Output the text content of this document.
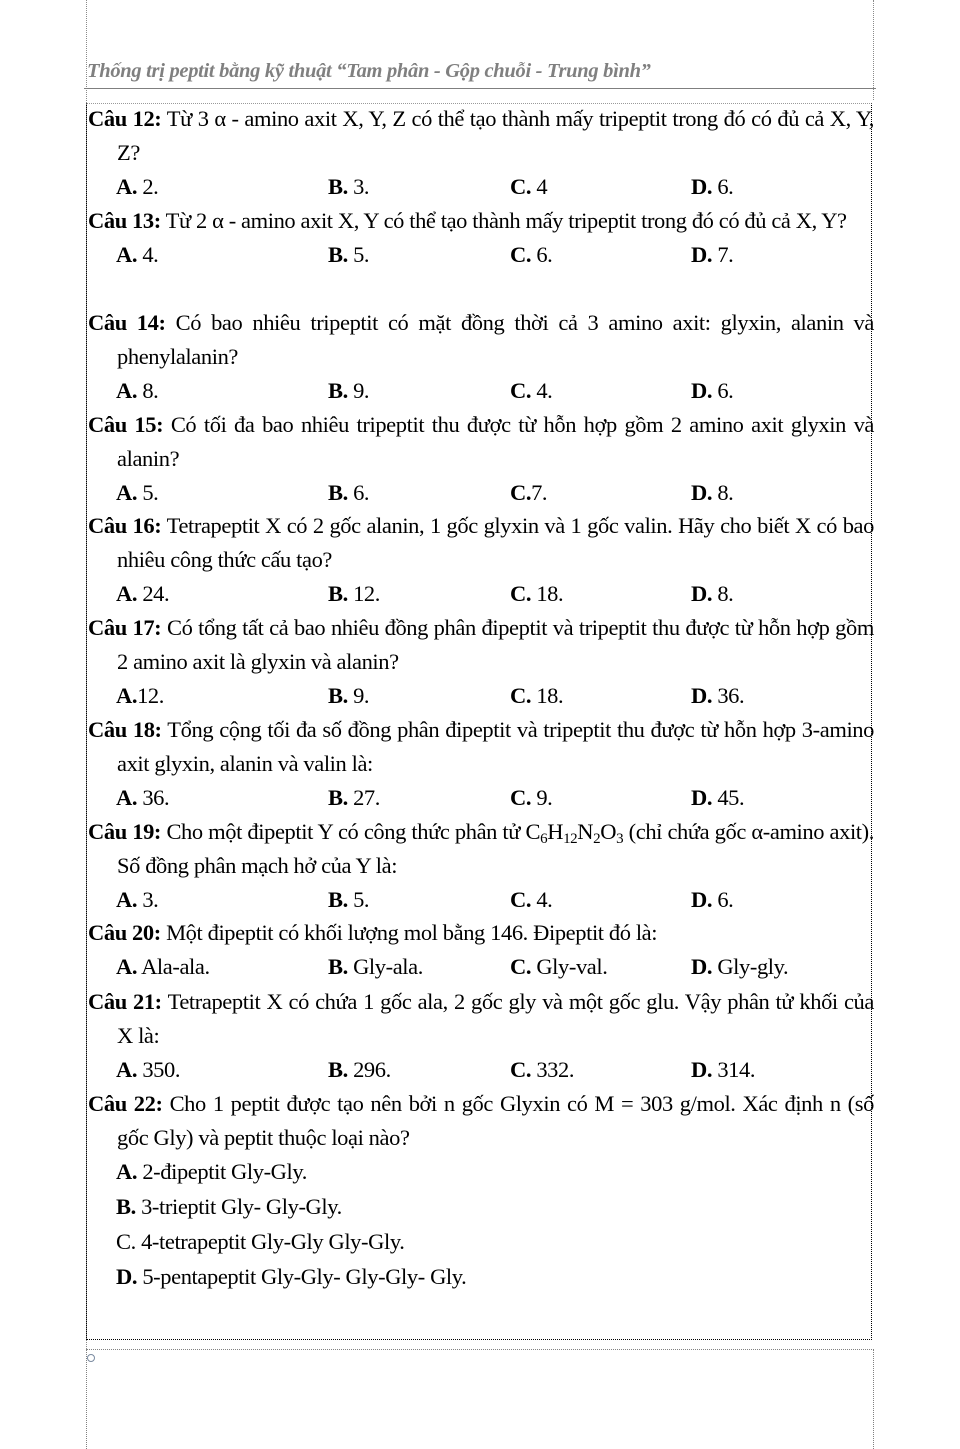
Thống trị peptit bằng kỹ thuật “Tam phân - Gộp chuỗi - Trung bình”
Câu 12: Từ 3 α - amino axit X, Y, Z có thể tạo thành mấy tripeptit trong đó có đủ cả X, Y, Z?
A. 2.	B. 3.	C. 4	D. 6.
Câu 13: Từ 2 α - amino axit X, Y có thể tạo thành mấy tripeptit trong đó có đủ cả X, Y?
A. 4.	B. 5.	C. 6.	D. 7.
Câu 14: Có bao nhiêu tripeptit có mặt đồng thời cả 3 amino axit: glyxin, alanin và phenylalanin?
A. 8.	B. 9.	C. 4.	D. 6.
Câu 15: Có tối đa bao nhiêu tripeptit thu được từ hỗn hợp gồm 2 amino axit glyxin và alanin?
A. 5.	B. 6.	C.7.	D. 8.
Câu 16: Tetrapeptit X có 2 gốc alanin, 1 gốc glyxin và 1 gốc valin. Hãy cho biết X có bao nhiêu công thức cấu tạo?
A. 24.	B. 12.	C. 18.	D. 8.
Câu 17: Có tổng tất cả bao nhiêu đồng phân đipeptit và tripeptit thu được từ hỗn hợp gồm 2 amino axit là glyxin và alanin?
A.12.	B. 9.	C. 18.	D. 36.
Câu 18: Tổng cộng tối đa số đồng phân đipeptit và tripeptit thu được từ hỗn hợp 3-amino axit glyxin, alanin và valin là:
A. 36.	B. 27.	C. 9.	D. 45.
Câu 19: Cho một đipeptit Y có công thức phân tử $C_6H_{12}N_2O_3$ (chỉ chứa gốc α-amino axit). Số đồng phân mạch hở của Y là:
A. 3.	B. 5.	C. 4.	D. 6.
Câu 20: Một đipeptit có khối lượng mol bằng 146. Đipeptit đó là:
A. Ala-ala.	B. Gly-ala.	C. Gly-val.	D. Gly-gly.
Câu 21: Tetrapeptit X có chứa 1 gốc ala, 2 gốc gly và một gốc glu. Vậy phân tử khối của X là:
A. 350.	B. 296.	C. 332.	D. 314.
Câu 22: Cho 1 peptit được tạo nên bởi n gốc Glyxin có M = 303 g/mol. Xác định n (số gốc Gly) và peptit thuộc loại nào?
A. 2-đipeptit Gly-Gly.
B. 3-trieptit Gly- Gly-Gly.
C. 4-tetrapeptit Gly-Gly Gly-Gly.
D. 5-pentapeptit Gly-Gly- Gly-Gly- Gly.
